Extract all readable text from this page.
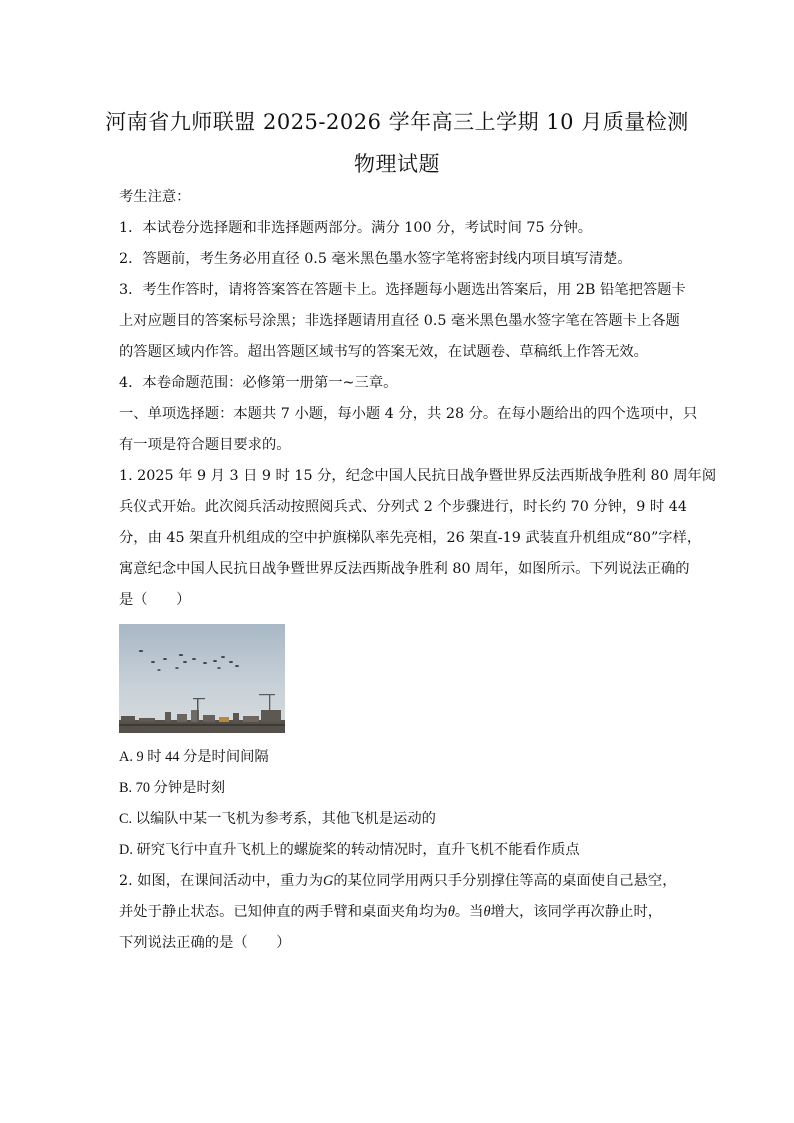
河南省九师联盟 2025-2026 学年高三上学期 10 月质量检测
物理试题
考生注意：
1．本试卷分选择题和非选择题两部分。满分 100 分，考试时间 75 分钟。
2．答题前，考生务必用直径 0.5 毫米黑色墨水签字笔将密封线内项目填写清楚。
3．考生作答时，请将答案答在答题卡上。选择题每小题选出答案后，用 2B 铅笔把答题卡
上对应题目的答案标号涂黑；非选择题请用直径 0.5 毫米黑色墨水签字笔在答题卡上各题
的答题区域内作答。超出答题区域书写的答案无效，在试题卷、草稿纸上作答无效。
4．本卷命题范围：必修第一册第一~三章。
一、单项选择题：本题共 7 小题，每小题 4 分，共 28 分。在每小题给出的四个选项中，只
有一项是符合题目要求的。
1. 2025 年 9 月 3 日 9 时 15 分，纪念中国人民抗日战争暨世界反法西斯战争胜利 80 周年阅
兵仪式开始。此次阅兵活动按照阅兵式、分列式 2 个步骤进行，时长约 70 分钟，9 时 44
分，由 45 架直升机组成的空中护旗梯队率先亮相，26 架直-19 武装直升机组成“80”字样，
寓意纪念中国人民抗日战争暨世界反法西斯战争胜利 80 周年，如图所示。下列说法正确的
是（　　）
A. 9 时 44 分是时间间隔
B. 70 分钟是时刻
C. 以编队中某一飞机为参考系，其他飞机是运动的
D. 研究飞行中直升飞机上的螺旋桨的转动情况时，直升飞机不能看作质点
2. 如图，在课间活动中，重力为G的某位同学用两只手分别撑住等高的桌面使自己悬空，
并处于静止状态。已知伸直的两手臂和桌面夹角均为θ。当θ增大，该同学再次静止时，
下列说法正确的是（　　）
